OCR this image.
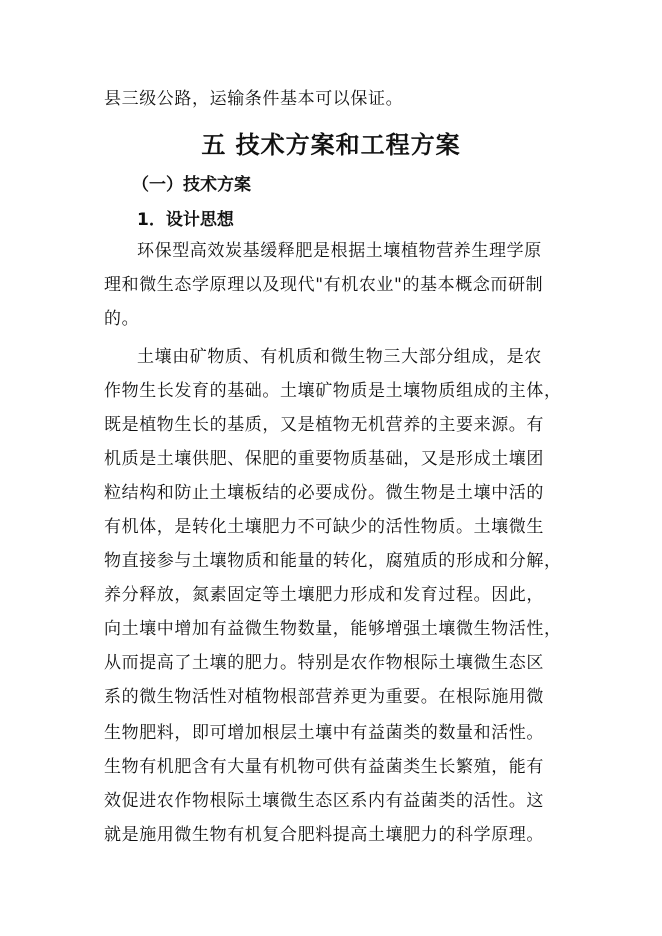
县三级公路，运输条件基本可以保证。
五 技术方案和工程方案
（一）技术方案
1．设计思想
环保型高效炭基缓释肥是根据土壤植物营养生理学原
理和微生态学原理以及现代"有机农业"的基本概念而研制
的。
土壤由矿物质、有机质和微生物三大部分组成，是农
作物生长发育的基础。土壤矿物质是土壤物质组成的主体，
既是植物生长的基质，又是植物无机营养的主要来源。有
机质是土壤供肥、保肥的重要物质基础，又是形成土壤团
粒结构和防止土壤板结的必要成份。微生物是土壤中活的
有机体，是转化土壤肥力不可缺少的活性物质。土壤微生
物直接参与土壤物质和能量的转化，腐殖质的形成和分解，
养分释放，氮素固定等土壤肥力形成和发育过程。因此，
向土壤中增加有益微生物数量，能够增强土壤微生物活性，
从而提高了土壤的肥力。特别是农作物根际土壤微生态区
系的微生物活性对植物根部营养更为重要。在根际施用微
生物肥料，即可增加根层土壤中有益菌类的数量和活性。
生物有机肥含有大量有机物可供有益菌类生长繁殖，能有
效促进农作物根际土壤微生态区系内有益菌类的活性。这
就是施用微生物有机复合肥料提高土壤肥力的科学原理。
